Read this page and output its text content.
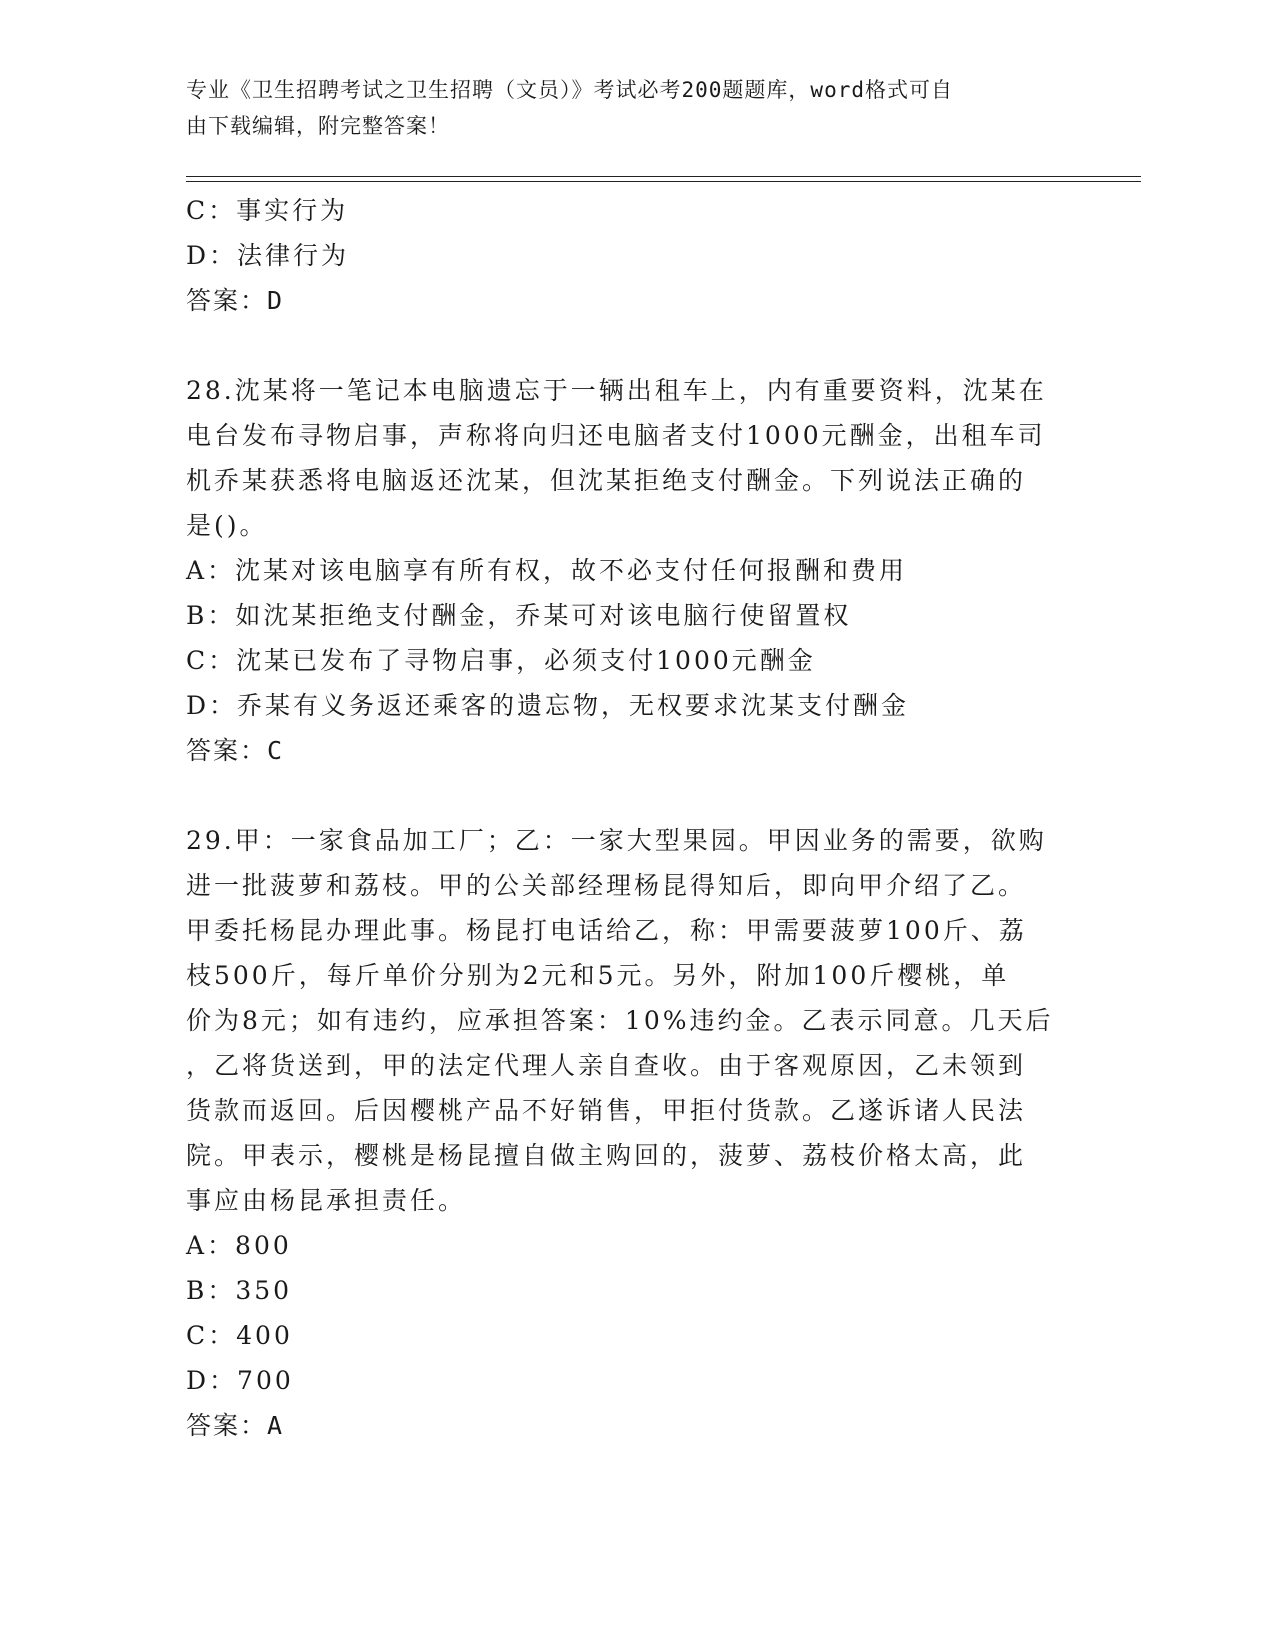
专业《卫生招聘考试之卫生招聘（文员）》考试必考200题题库，word格式可自
由下载编辑，附完整答案！
C：事实行为
D：法律行为
答案：D
28.沈某将一笔记本电脑遗忘于一辆出租车上，内有重要资料，沈某在
电台发布寻物启事，声称将向归还电脑者支付1000元酬金，出租车司
机乔某获悉将电脑返还沈某，但沈某拒绝支付酬金。下列说法正确的
是()。
A：沈某对该电脑享有所有权，故不必支付任何报酬和费用
B：如沈某拒绝支付酬金，乔某可对该电脑行使留置权
C：沈某已发布了寻物启事，必须支付1000元酬金
D：乔某有义务返还乘客的遗忘物，无权要求沈某支付酬金
答案：C
29.甲：一家食品加工厂；乙：一家大型果园。甲因业务的需要，欲购
进一批菠萝和荔枝。甲的公关部经理杨昆得知后，即向甲介绍了乙。
甲委托杨昆办理此事。杨昆打电话给乙，称：甲需要菠萝100斤、荔
枝500斤，每斤单价分别为2元和5元。另外，附加100斤樱桃，单
价为8元；如有违约，应承担答案：10%违约金。乙表示同意。几天后
，乙将货送到，甲的法定代理人亲自查收。由于客观原因，乙未领到
货款而返回。后因樱桃产品不好销售，甲拒付货款。乙遂诉诸人民法
院。甲表示，樱桃是杨昆擅自做主购回的，菠萝、荔枝价格太高，此
事应由杨昆承担责任。
A：800
B：350
C：400
D：700
答案：A
